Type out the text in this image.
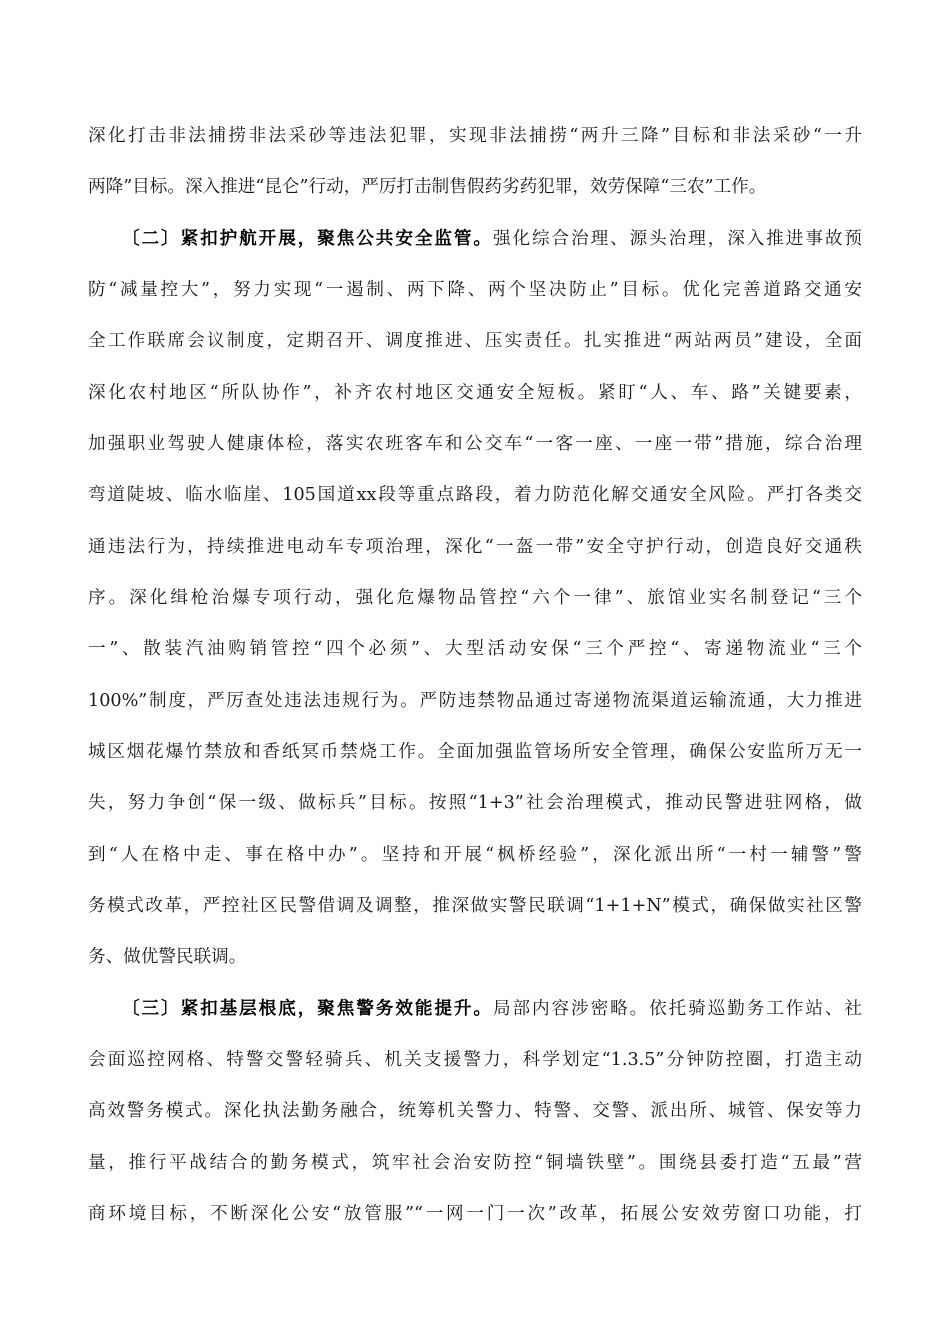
深化打击非法捕捞非法采砂等违法犯罪，实现非法捕捞“两升三降”目标和非法采砂“一升
两降”目标。深入推进“昆仑”行动，严厉打击制售假药劣药犯罪，效劳保障“三农”工作。
〔二〕紧扣护航开展，聚焦公共安全监管。强化综合治理、源头治理，深入推进事故预
防“减量控大”，努力实现“一遏制、两下降、两个坚决防止”目标。优化完善道路交通安
全工作联席会议制度，定期召开、调度推进、压实责任。扎实推进“两站两员”建设，全面
深化农村地区“所队协作”，补齐农村地区交通安全短板。紧盯“人、车、路”关键要素，
加强职业驾驶人健康体检，落实农班客车和公交车“一客一座、一座一带”措施，综合治理
弯道陡坡、临水临崖、105国道xx段等重点路段，着力防范化解交通安全风险。严打各类交
通违法行为，持续推进电动车专项治理，深化“一盔一带”安全守护行动，创造良好交通秩
序。深化缉枪治爆专项行动，强化危爆物品管控“六个一律”、旅馆业实名制登记“三个
一”、散装汽油购销管控“四个必须”、大型活动安保“三个严控“、寄递物流业“三个
100%”制度，严厉查处违法违规行为。严防违禁物品通过寄递物流渠道运输流通，大力推进
城区烟花爆竹禁放和香纸冥币禁烧工作。全面加强监管场所安全管理，确保公安监所万无一
失，努力争创“保一级、做标兵”目标。按照“1+3”社会治理模式，推动民警进驻网格，做
到“人在格中走、事在格中办”。坚持和开展“枫桥经验”，深化派出所“一村一辅警”警
务模式改革，严控社区民警借调及调整，推深做实警民联调“1+1+N”模式，确保做实社区警
务、做优警民联调。
〔三〕紧扣基层根底，聚焦警务效能提升。局部内容涉密略。依托骑巡勤务工作站、社
会面巡控网格、特警交警轻骑兵、机关支援警力，科学划定“1.3.5”分钟防控圈，打造主动
高效警务模式。深化执法勤务融合，统筹机关警力、特警、交警、派出所、城管、保安等力
量，推行平战结合的勤务模式，筑牢社会治安防控“铜墙铁壁”。围绕县委打造“五最”营
商环境目标，不断深化公安“放管服”“一网一门一次”改革，拓展公安效劳窗口功能，打
